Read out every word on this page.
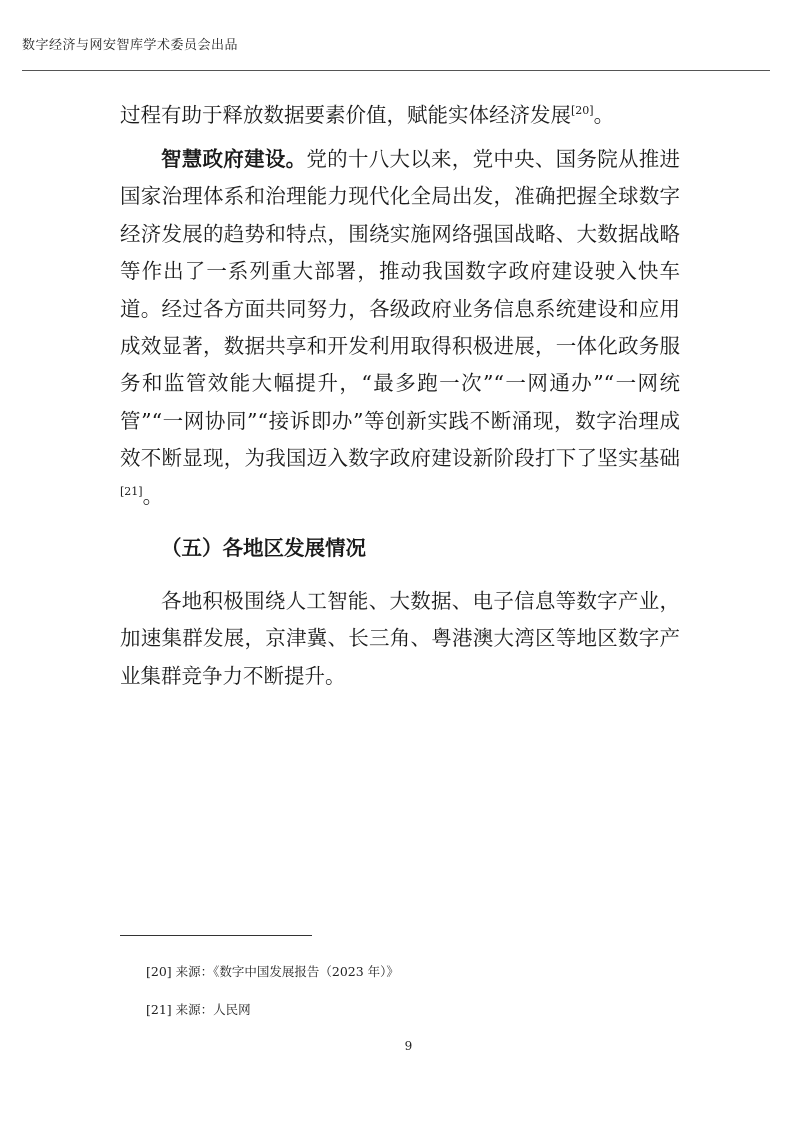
数字经济与网安智库学术委员会出品

过程有助于释放数据要素价值，赋能实体经济发展[20]。

智慧政府建设。党的十八大以来，党中央、国务院从推进国家治理体系和治理能力现代化全局出发，准确把握全球数字经济发展的趋势和特点，围绕实施网络强国战略、大数据战略等作出了一系列重大部署，推动我国数字政府建设驶入快车道。经过各方面共同努力，各级政府业务信息系统建设和应用成效显著，数据共享和开发利用取得积极进展，一体化政务服务和监管效能大幅提升，“最多跑一次”“一网通办”“一网统管”“一网协同”“接诉即办”等创新实践不断涌现，数字治理成效不断显现，为我国迈入数字政府建设新阶段打下了坚实基础[21]。

（五）各地区发展情况

各地积极围绕人工智能、大数据、电子信息等数字产业，加速集群发展，京津冀、长三角、粤港澳大湾区等地区数字产业集群竞争力不断提升。

[20] 来源：《数字中国发展报告（2023 年）》
[21] 来源：人民网
9
